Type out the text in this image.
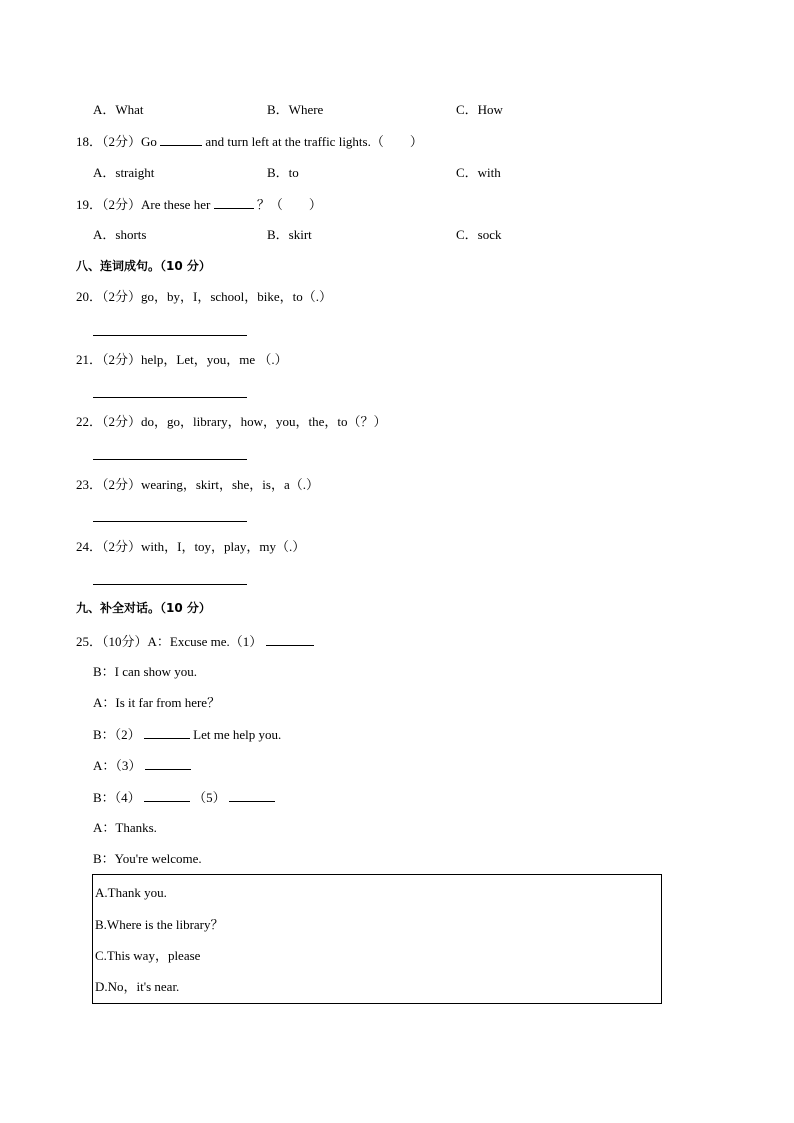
A．What	B．Where	C．How
18．（2分）Go	and turn left at the traffic lights.（　　）
A．straight	B．to	C．with
19．（2分）Are these her	？（　　）
A．shorts	B．skirt	C．sock
八、连词成句。（10 分）
20．（2分）go，by，I，school，bike，to（.）
21．（2分）help，Let，you，me （.）
22．（2分）do，go，library，how，you，the，to（？）
23．（2分）wearing，skirt，she，is，a（.）
24．（2分）with，I，toy，play，my（.）
九、补全对话。（10 分）
25．（10分）A：Excuse me.（1）
B：I can show you.
A：Is it far from here？
B：（2）	Let me help you.
A：（3）
B：（4）	（5）
A：Thanks.
B：You're welcome.
A.Thank you.
B.Where is the library？
C.This way，please
D.No，it's near.
